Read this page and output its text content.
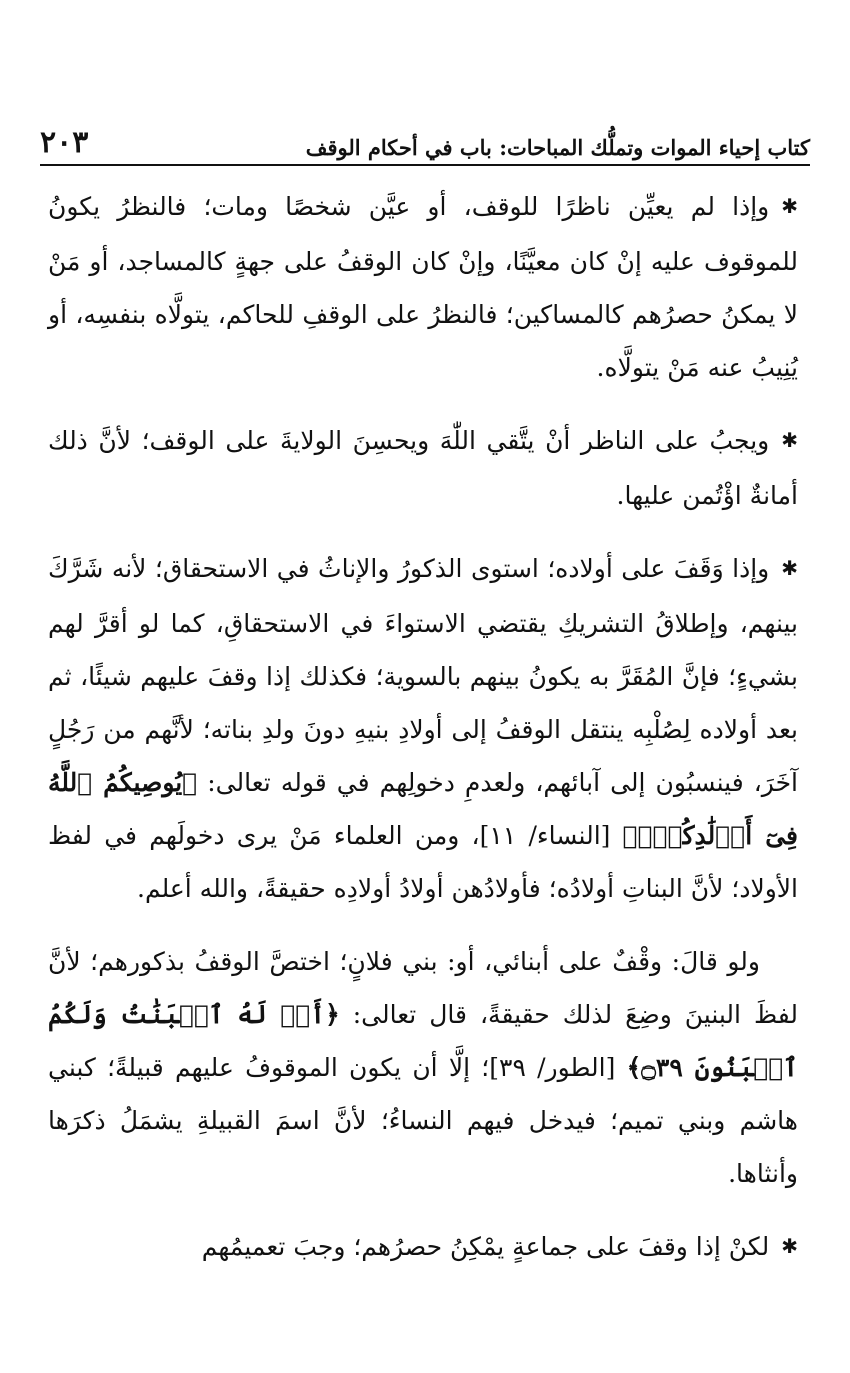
كتاب إحياء الموات وتملُّك المباحات: باب في أحكام الوقف
٢٠٣

✱وإذا لم يعيِّن ناظرًا للوقف، أو عيَّن شخصًا ومات؛ فالنظرُ يكونُ للموقوف عليه إنْ كان معيَّنًا، وإنْ كان الوقفُ على جهةٍ كالمساجد، أو مَنْ لا يمكنُ حصرُهم كالمساكين؛ فالنظرُ على الوقفِ للحاكم، يتولَّاه بنفسِه، أو يُنِيبُ عنه مَنْ يتولَّاه.

✱ويجبُ على الناظر أنْ يتَّقي اللّٰهَ ويحسِنَ الولايةَ على الوقف؛ لأنَّ ذلك أمانةٌ اؤْتُمن عليها.

✱وإذا وَقَفَ على أولاده؛ استوى الذكورُ والإناثُ في الاستحقاق؛ لأنه شَرَّكَ بينهم، وإطلاقُ التشريكِ يقتضي الاستواءَ في الاستحقاقِ، كما لو أقرَّ لهم بشيءٍ؛ فإنَّ المُقَرَّ به يكونُ بينهم بالسوية؛ فكذلك إذا وقفَ عليهم شيئًا، ثم بعد أولاده لِصُلْبِه ينتقل الوقفُ إلى أولادِ بنيهِ دونَ ولدِ بناته؛ لأنَّهم من رَجُلٍ آخَرَ، فينسبُون إلى آبائهم، ولعدمِ دخولِهم في قوله تعالى: ﴿يُوصِيكُمُ ٱللَّهُ فِىٓ أَوۡلَٰدِكُمۡۖ﴾ [النساء/ ١١]، ومن العلماء مَنْ يرى دخولَهم في لفظ الأولاد؛ لأنَّ البناتِ أولادُه؛ فأولادُهن أولادُ أولادِه حقيقةً، والله أعلم.

ولو قالَ: وقْفٌ على أبنائي، أو: بني فلانٍ؛ اختصَّ الوقفُ بذكورهم؛ لأنَّ لفظَ البنينَ وضِعَ لذلك حقيقةً، قال تعالى: ﴿أَمۡ لَهُ ٱلۡبَنَٰتُ وَلَكُمُ ٱلۡبَنُونَ ۝٣٩﴾ [الطور/ ٣٩]؛ إلَّا أن يكون الموقوفُ عليهم قبيلةً؛ كبني هاشم وبني تميم؛ فيدخل فيهم النساءُ؛ لأنَّ اسمَ القبيلةِ يشمَلُ ذكرَها وأنثاها.

✱لكنْ إذا وقفَ على جماعةٍ يمْكِنُ حصرُهم؛ وجبَ تعميمُهم
